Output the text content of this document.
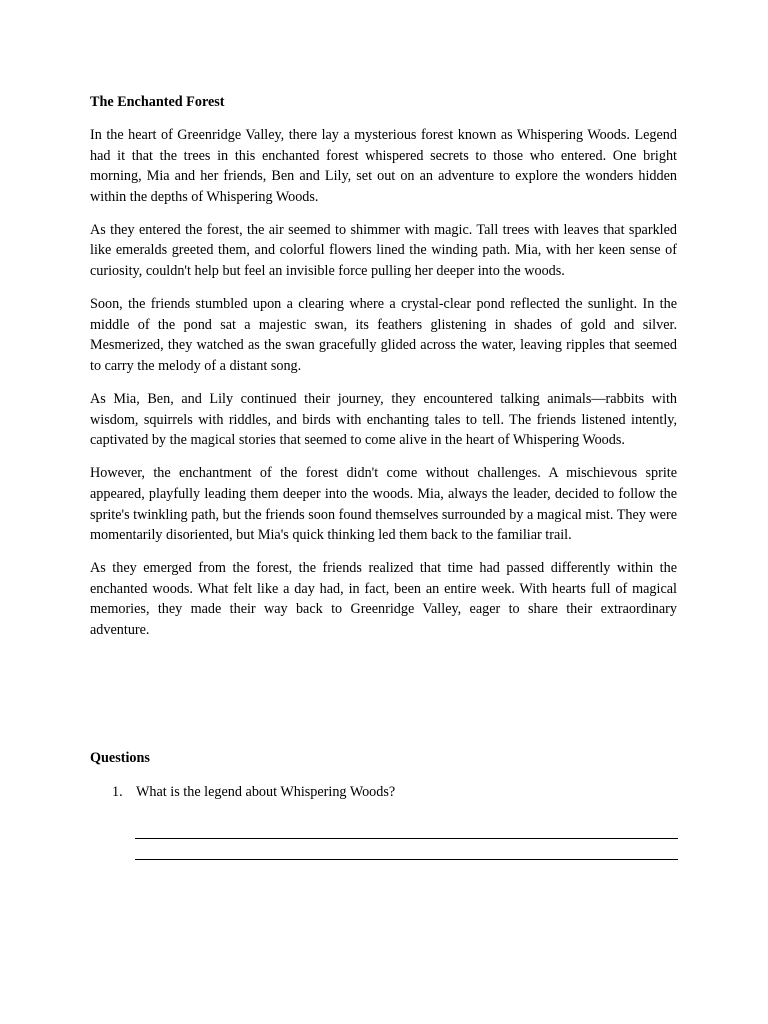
The Enchanted Forest

In the heart of Greenridge Valley, there lay a mysterious forest known as Whispering Woods. Legend had it that the trees in this enchanted forest whispered secrets to those who entered. One bright morning, Mia and her friends, Ben and Lily, set out on an adventure to explore the wonders hidden within the depths of Whispering Woods.

As they entered the forest, the air seemed to shimmer with magic. Tall trees with leaves that sparkled like emeralds greeted them, and colorful flowers lined the winding path. Mia, with her keen sense of curiosity, couldn't help but feel an invisible force pulling her deeper into the woods.

Soon, the friends stumbled upon a clearing where a crystal-clear pond reflected the sunlight. In the middle of the pond sat a majestic swan, its feathers glistening in shades of gold and silver. Mesmerized, they watched as the swan gracefully glided across the water, leaving ripples that seemed to carry the melody of a distant song.

As Mia, Ben, and Lily continued their journey, they encountered talking animals—rabbits with wisdom, squirrels with riddles, and birds with enchanting tales to tell. The friends listened intently, captivated by the magical stories that seemed to come alive in the heart of Whispering Woods.

However, the enchantment of the forest didn't come without challenges. A mischievous sprite appeared, playfully leading them deeper into the woods. Mia, always the leader, decided to follow the sprite's twinkling path, but the friends soon found themselves surrounded by a magical mist. They were momentarily disoriented, but Mia's quick thinking led them back to the familiar trail.

As they emerged from the forest, the friends realized that time had passed differently within the enchanted woods. What felt like a day had, in fact, been an entire week. With hearts full of magical memories, they made their way back to Greenridge Valley, eager to share their extraordinary adventure.

Questions

1. What is the legend about Whispering Woods?
